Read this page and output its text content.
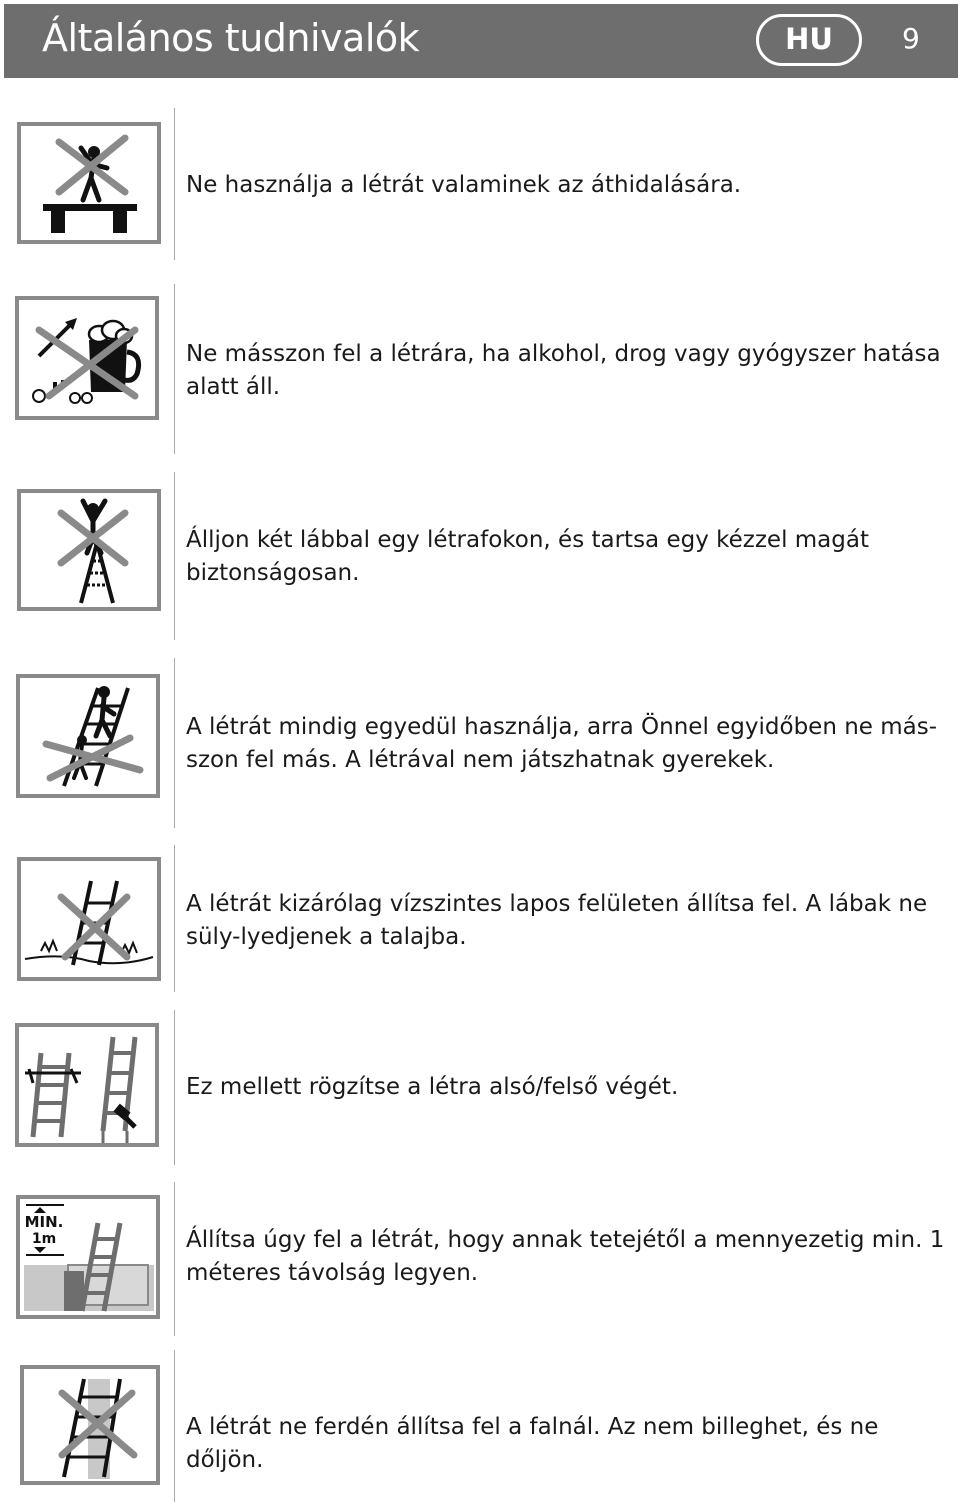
Általános tudnivalók	HU	9
Ne használja a létrát valaminek az áthidalására.
Ne másszon fel a létrára, ha alkohol, drog vagy gyógyszer hatása alatt áll.
Álljon két lábbal egy létrafokon, és tartsa egy kézzel magát biztonságosan.
A létrát mindig egyedül használja, arra Önnel egyidőben ne más-szon fel más. A létrával nem játszhatnak gyerekek.
A létrát kizárólag vízszintes lapos felületen állítsa fel. A lábak ne süly-lyedjenek a talajba.
Ez mellett rögzítse a létra alsó/felső végét.
MIN.
1m	Állítsa úgy fel a létrát, hogy annak tetejétől a mennyezetig min. 1 méteres távolság legyen.
A létrát ne ferdén állítsa fel a falnál. Az nem billeghet, és ne dőljön.
